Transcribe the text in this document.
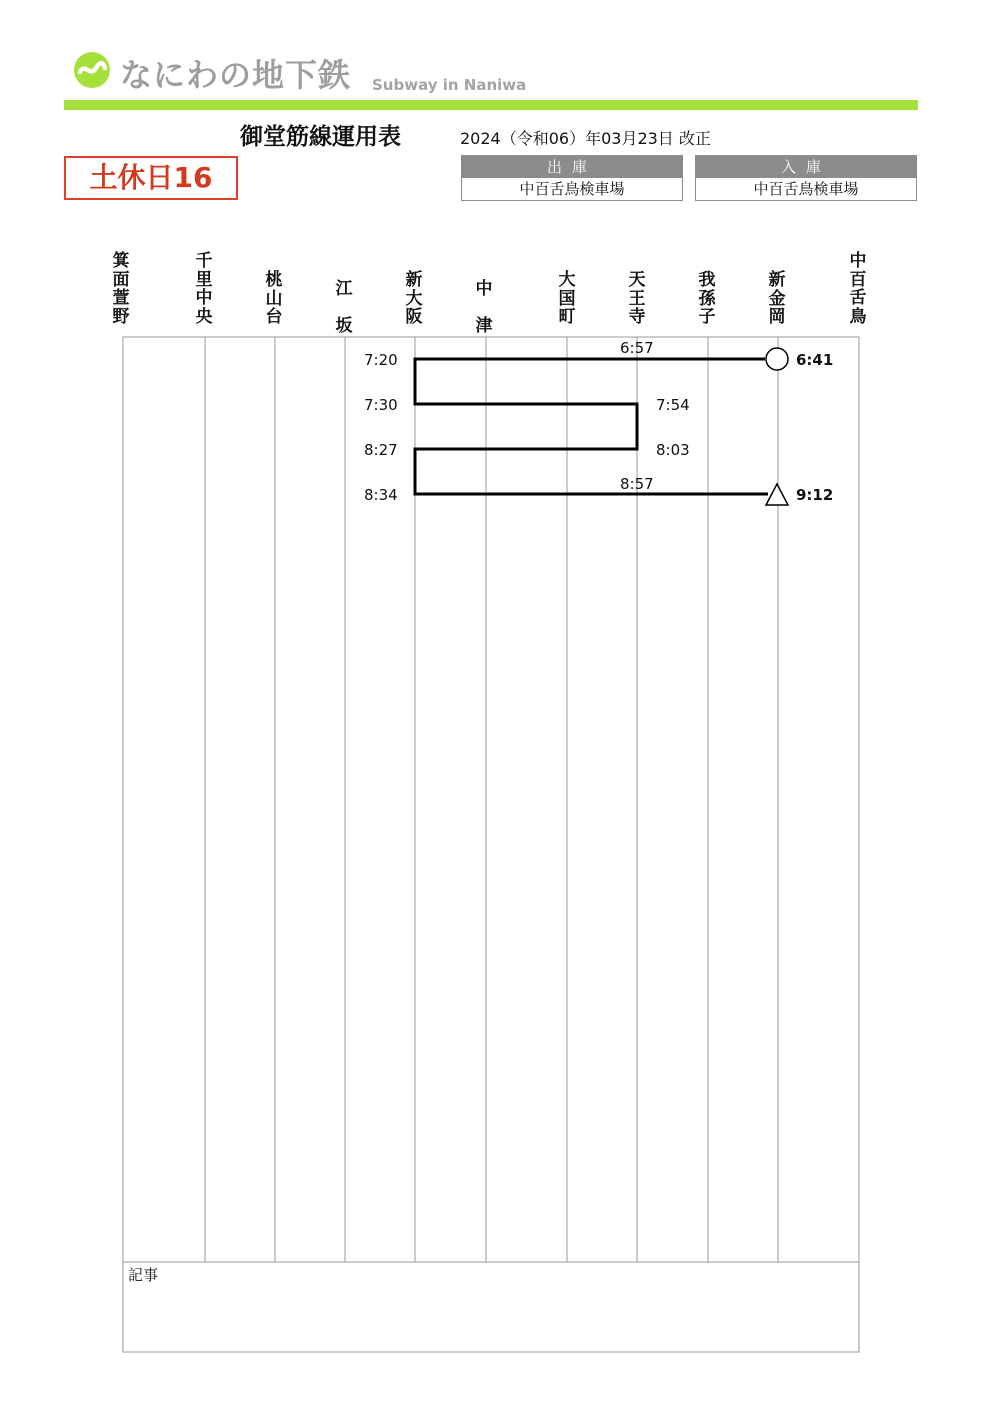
なにわの地下鉄 Subway in Naniwa
御堂筋線運用表	2024（令和06）年03月23日 改正
土休日16	出庫
中百舌鳥検車場
入庫
中百舌鳥検車場
箕面萱野
千里中央
桃山台
江坂
新大阪
中津
大国町
天王寺
我孫子
新金岡
中百舌鳥
7:20
6:57
6:41
7:30	7:54
8:27	8:03
8:34
8:57
9:12
記事
